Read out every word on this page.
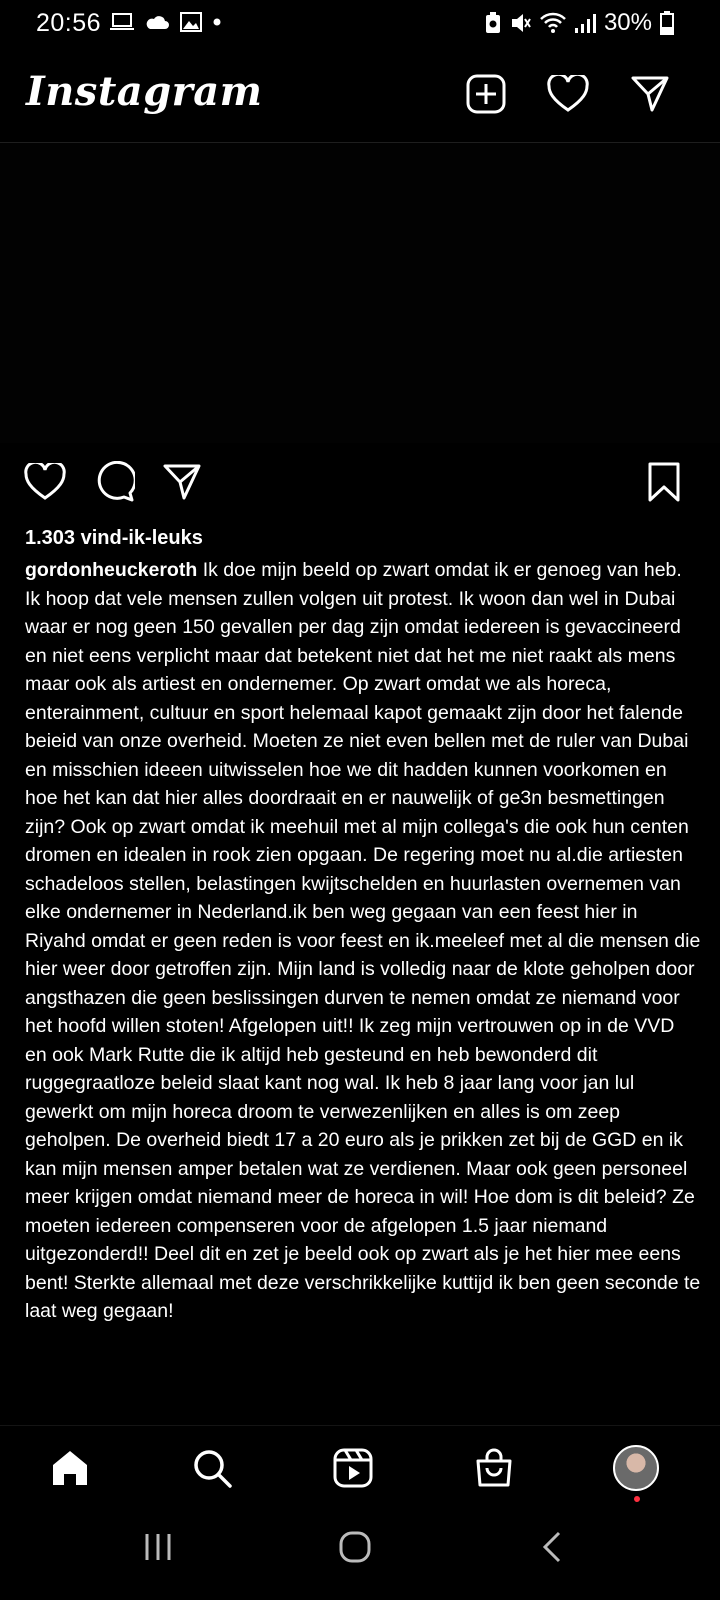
20:56	30%
Instagram
1.303 vind-ik-leuks

gordonheuckeroth Ik doe mijn beeld op zwart omdat ik er genoeg van heb. Ik hoop dat vele mensen zullen volgen uit protest. Ik woon dan wel in Dubai waar er nog geen 150 gevallen per dag zijn omdat iedereen is gevaccineerd en niet eens verplicht maar dat betekent niet dat het me niet raakt als mens maar ook als artiest en ondernemer. Op zwart omdat we als horeca, enterainment, cultuur en sport helemaal kapot gemaakt zijn door het falende beieid van onze overheid. Moeten ze niet even bellen met de ruler van Dubai en misschien ideeen uitwisselen hoe we dit hadden kunnen voorkomen en hoe het kan dat hier alles doordraait en er nauwelijk of ge3n besmettingen zijn? Ook op zwart omdat ik meehuil met al mijn collega's die ook hun centen dromen en idealen in rook zien opgaan. De regering moet nu al.die artiesten schadeloos stellen, belastingen kwijtschelden en huurlasten overnemen van elke ondernemer in Nederland.ik ben weg gegaan van een feest hier in Riyahd omdat er geen reden is voor feest en ik.meeleef met al die mensen die hier weer door getroffen zijn. Mijn land is volledig naar de klote geholpen door angsthazen die geen beslissingen durven te nemen omdat ze niemand voor het hoofd willen stoten! Afgelopen uit!! Ik zeg mijn vertrouwen op in de VVD en ook Mark Rutte die ik altijd heb gesteund en heb bewonderd dit ruggegraatloze beleid slaat kant nog wal. Ik heb 8 jaar lang voor jan lul gewerkt om mijn horeca droom te verwezenlijken en alles is om zeep geholpen. De overheid biedt 17 a 20 euro als je prikken zet bij de GGD en ik kan mijn mensen amper betalen wat ze verdienen. Maar ook geen personeel meer krijgen omdat niemand meer de horeca in wil! Hoe dom is dit beleid? Ze moeten iedereen compenseren voor de afgelopen 1.5 jaar niemand uitgezonderd!! Deel dit en zet je beeld ook op zwart als je het hier mee eens bent! Sterkte allemaal met deze verschrikkelijke kuttijd ik ben geen seconde te laat weg gegaan!
